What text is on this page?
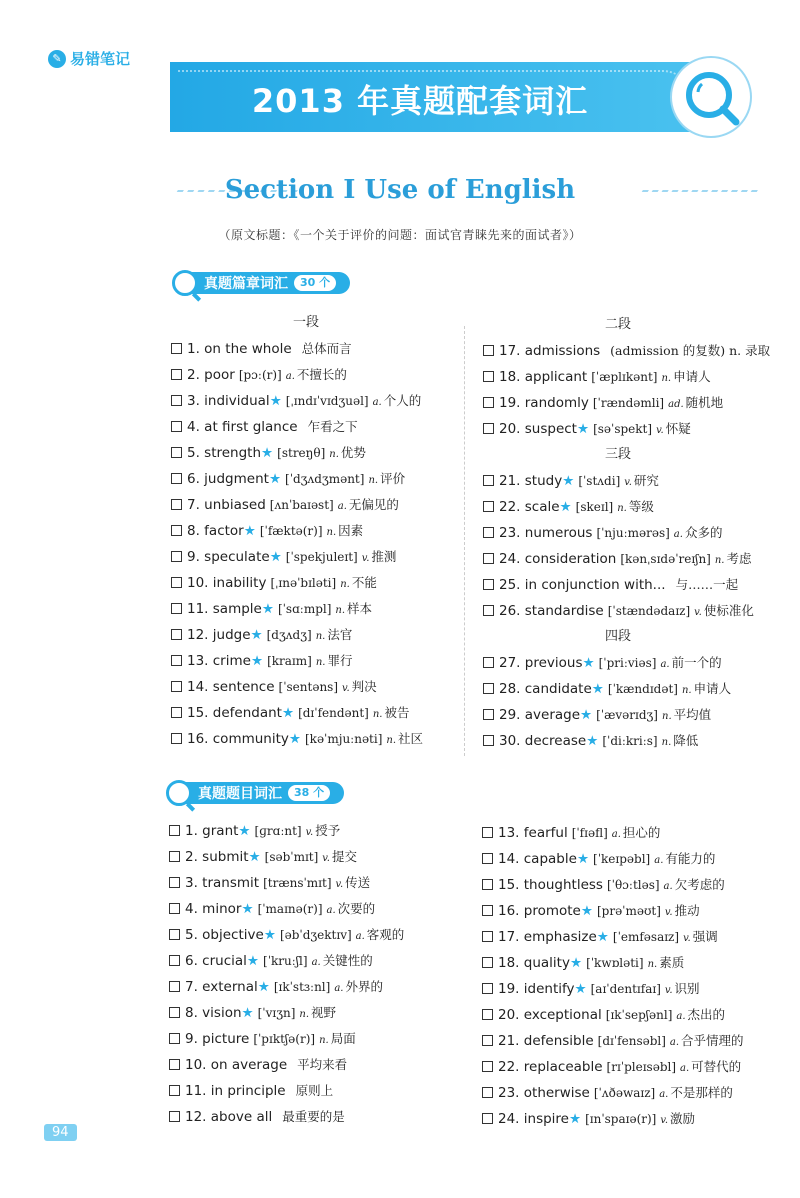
✎ 易错笔记
2013 年真题配套词汇
Section Ⅰ Use of English
（原文标题：《一个关于评价的问题：面试官青睐先来的面试者》）
真题篇章词汇	30 个
一段
1. on the whole 总体而言
2. poor [pɔː(r)] a. 不擅长的
3. individual★ [ˌɪndɪˈvɪdʒuəl] a. 个人的
4. at first glance 乍看之下
5. strength★ [streŋθ] n. 优势
6. judgment★ [ˈdʒʌdʒmənt] n. 评价
7. unbiased [ʌnˈbaɪəst] a. 无偏见的
8. factor★ [ˈfæktə(r)] n. 因素
9. speculate★ [ˈspekjuleɪt] v. 推测
10. inability [ˌɪnəˈbɪləti] n. 不能
11. sample★ [ˈsɑːmpl] n. 样本
12. judge★ [dʒʌdʒ] n. 法官
13. crime★ [kraɪm] n. 罪行
14. sentence [ˈsentəns] v. 判决
15. defendant★ [dɪˈfendənt] n. 被告
16. community★ [kəˈmjuːnəti] n. 社区
二段
17. admissions (admission 的复数) n. 录取
18. applicant [ˈæplɪkənt] n. 申请人
19. randomly [ˈrændəmli] ad. 随机地
20. suspect★ [səˈspekt] v. 怀疑
三段
21. study★ [ˈstʌdi] v. 研究
22. scale★ [skeɪl] n. 等级
23. numerous [ˈnjuːmərəs] a. 众多的
24. consideration [kənˌsɪdəˈreɪʃn] n. 考虑
25. in conjunction with... 与……一起
26. standardise [ˈstændədaɪz] v. 使标准化
四段
27. previous★ [ˈpriːviəs] a. 前一个的
28. candidate★ [ˈkændɪdət] n. 申请人
29. average★ [ˈævərɪdʒ] n. 平均值
30. decrease★ [ˈdiːkriːs] n. 降低
真题题目词汇	38 个
1. grant★ [ɡrɑːnt] v. 授予
2. submit★ [səbˈmɪt] v. 提交
3. transmit [trænsˈmɪt] v. 传送
4. minor★ [ˈmaɪnə(r)] a. 次要的
5. objective★ [əbˈdʒektɪv] a. 客观的
6. crucial★ [ˈkruːʃl] a. 关键性的
7. external★ [ɪkˈstɜːnl] a. 外界的
8. vision★ [ˈvɪʒn] n. 视野
9. picture [ˈpɪktʃə(r)] n. 局面
10. on average 平均来看
11. in principle 原则上
12. above all 最重要的是
13. fearful [ˈfɪəfl] a. 担心的
14. capable★ [ˈkeɪpəbl] a. 有能力的
15. thoughtless [ˈθɔːtləs] a. 欠考虑的
16. promote★ [prəˈməʊt] v. 推动
17. emphasize★ [ˈemfəsaɪz] v. 强调
18. quality★ [ˈkwɒləti] n. 素质
19. identify★ [aɪˈdentɪfaɪ] v. 识别
20. exceptional [ɪkˈsepʃənl] a. 杰出的
21. defensible [dɪˈfensəbl] a. 合乎情理的
22. replaceable [rɪˈpleɪsəbl] a. 可替代的
23. otherwise [ˈʌðəwaɪz] a. 不是那样的
24. inspire★ [ɪnˈspaɪə(r)] v. 激励
94
